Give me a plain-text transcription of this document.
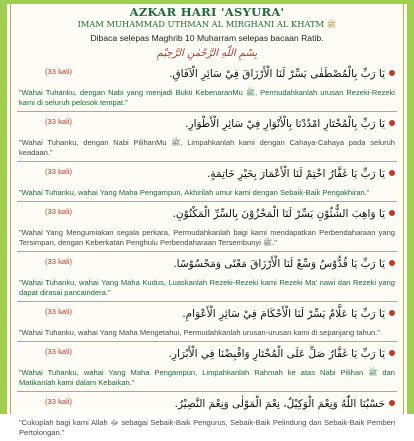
AZKAR HARI 'ASYURA'
IMAM MUHAMMAD UTHMAN AL MIRGHANI AL KHATM ﷺ
Dibaca selepas Maghrib 10 Muharram selepas bacaan Ratib.
بِسْمِ اللّٰهِ الرَّحْمٰنِ الرَّحِيْمِ
(33 kali)	يَا رَبِّ بِالْمُصْطَفٰى يَسِّرْ لَنَا الْأَرْزَاقَ فِيْ سَائِرِ الْآفَاقِ.
"Wahai Tuhanku, dengan Nabi yang menjadi Bukti KebenaranMu ﷺ, Permudahkanlah urusan Rezeki-Rezeki kami di seluruh pelosok tempat."
(33 kali)	يَا رَبِّ بِالْمُخْتَارِ امْدُدْنَا بِالْأَنْوَارِ فِيْ سَائِرِ الْأَطْوَارِ.
"Wahai Tuhanku, dengan Nabi PilihanMu ﷺ, Limpahkanlah kami dengan Cahaya-Cahaya pada seluruh keadaan."
(33 kali)	يَا رَبِّ يَا غَفَّارُ اخْتِمْ لَنَا الْأَعْمَارَ بِخَيْرِ خَاتِمَةٍ.
"Wahai Tuhanku, wahai Yang Maha Pengampun, Akhirilah umur kami dengan Sebaik-Baik Pengakhiran."
(33 kali)	يَا وَاهِبَ الشُّئُوْنِ يَسِّرْ لَنَا الْمَخْزُوْنَ بِالسِّرِّ الْمَكْنُوْنِ.
"Wahai Yang Mengumiakan segala perkara, Permudahkanlah bagi kami mendapatkan Perbendaharaan yang Tersimpan, dengan Keberkatan Penghulu Perbendaharaan Tersembunyi ﷺ."
(33 kali)	يَا رَبِّ يَا قُدُّوْسُ وَسِّعْ لَنَا الْأَرْزَاقَ مَعْنًى وَمَحْسُوْسًا.
"Wahai Tuhanku, wahai Yang Maha Kudus, Luaskanlah Rezeki-Rezeki kami Rezeki Ma' nawi dan Rezeki yang dapat dirasai pancaindera."
(33 kali)	يَا رَبِّ يَا عَلَّامُ يَسِّرْ لَنَا الْأَحْكَامَ فِيْ سَائِرِ الْأَعْوَامِ.
"Wahai Tuhanku, wahai Yang Maha Mengetahui, Permudahkanlah urusan-urusan kami di sepanjang tahun."
(33 kali)	يَا رَبِّ يَا غَفَّارُ صَلِّ عَلَى الْمُخْتَارِ وَاقْبِضْنَا فِي الْأَبْرَارِ.
"Wahai Tuhanku, wahai Yang Maha Pengampun, Limpahkanlah Rahmah ke atas Nabi Pilihan ﷺ dan Matikanlah kami dalam Kebaikan."
(33 kali)	حَسْبُنَا اللّٰهُ وَنِعْمَ الْوَكِيْلُ، نِعْمَ الْمَوْلٰى وَنِعْمَ النَّصِيْرُ.
"Cukuplah bagi kami Allah ﷻ sebagai Sebaik-Baik Pengurus, Sebaik-Baik Pelindung dan Sebaik-Baik Pemberi Pertolongan."
